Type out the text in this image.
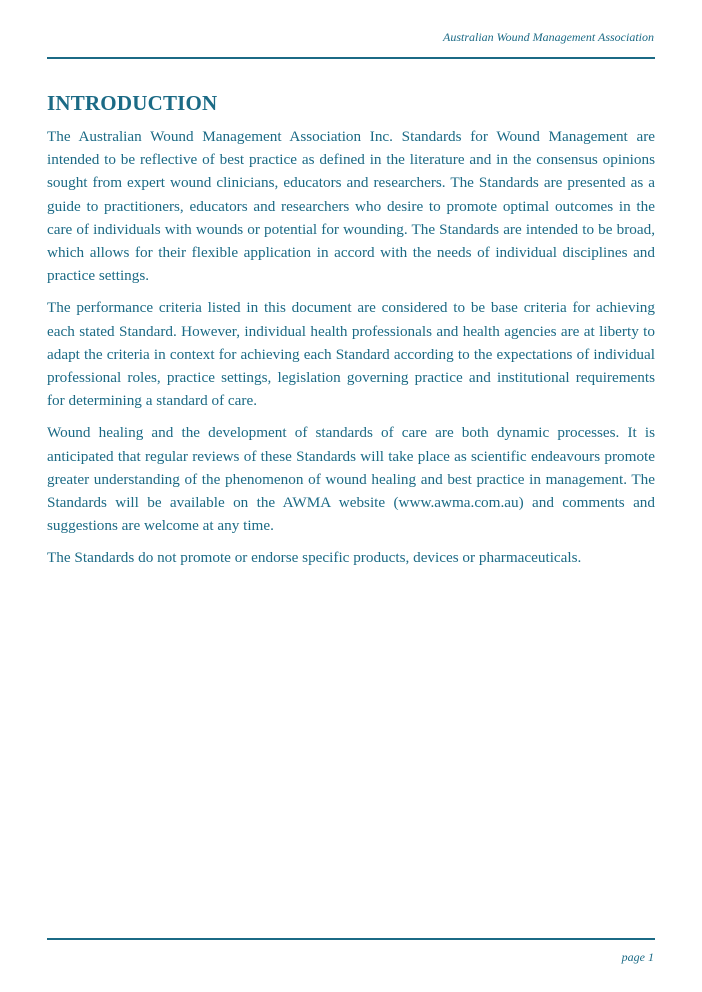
Australian Wound Management Association
INTRODUCTION

The Australian Wound Management Association Inc. Standards for Wound Management are intended to be reflective of best practice as defined in the literature and in the consensus opinions sought from expert wound clinicians, educators and researchers. The Standards are presented as a guide to practitioners, educators and researchers who desire to promote optimal outcomes in the care of individuals with wounds or potential for wounding. The Standards are intended to be broad, which allows for their flexible application in accord with the needs of individual disciplines and practice settings.

The performance criteria listed in this document are considered to be base criteria for achieving each stated Standard. However, individual health professionals and health agencies are at liberty to adapt the criteria in context for achieving each Standard according to the expectations of individual professional roles, practice settings, legislation governing practice and institutional requirements for determining a standard of care.

Wound healing and the development of standards of care are both dynamic processes. It is anticipated that regular reviews of these Standards will take place as scientific endeavours promote greater understanding of the phenomenon of wound healing and best practice in management. The Standards will be available on the AWMA website (www.awma.com.au) and comments and suggestions are welcome at any time.

The Standards do not promote or endorse specific products, devices or pharmaceuticals.

page 1
